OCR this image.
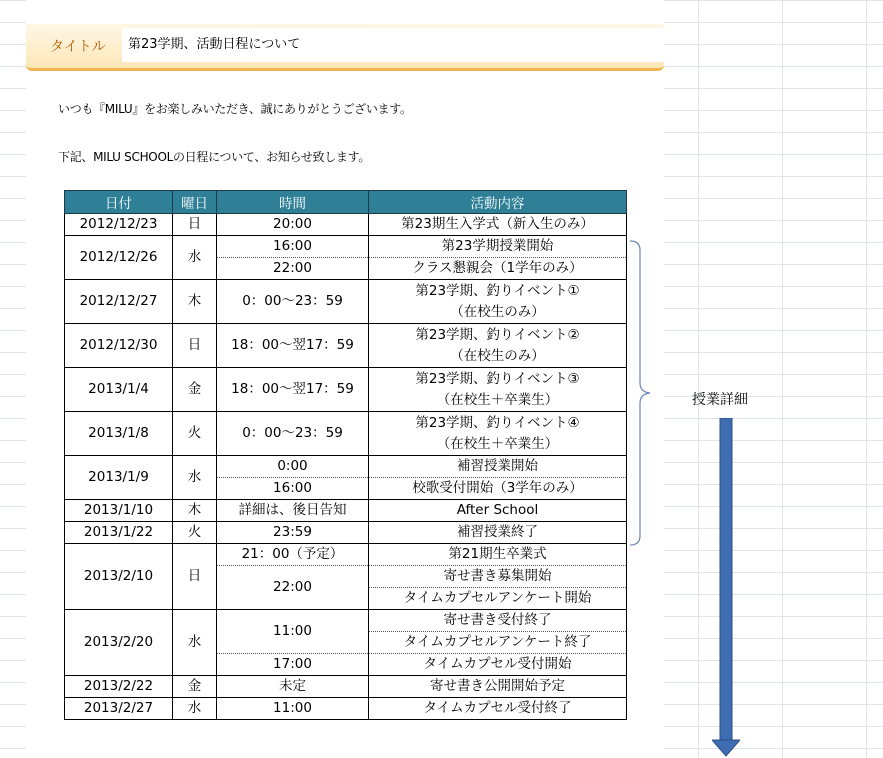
第23学期、活動日程について
タイトル
いつも『MILU』をお楽しみいただき、誠にありがとうございます。
下記、MILU SCHOOLの日程について、お知らせ致します。
日付	曜日	時間	活動内容
2012/12/23	日	20:00	第23期生入学式（新入生のみ）
2012/12/26	水	16:00	第23学期授業開始
		22:00	クラス懇親会（1学年のみ）
2012/12/27	木	0：00～23：59	第23学期、釣りイベント①
（在校生のみ）

2012/12/30	日	18：00～翌17：59	第23学期、釣りイベント②
（在校生のみ）

2013/1/4	金	18：00～翌17：59	第23学期、釣りイベント③
（在校生＋卒業生）

2013/1/8	火	0：00～23：59	第23学期、釣りイベント④
（在校生＋卒業生）

2013/1/9	水	0:00	補習授業開始
		16:00	校歌受付開始（3学年のみ）
2013/1/10	木	詳細は、後日告知	After School
2013/1/22	火	23:59	補習授業終了
2013/2/10	日	21：00（予定）	第21期生卒業式
		22:00	寄せ書き募集開始
			タイムカプセルアンケート開始
2013/2/20	水	11:00	寄せ書き受付終了
			タイムカプセルアンケート終了
		17:00	タイムカプセル受付開始
2013/2/22	金	未定	寄せ書き公開開始予定
2013/2/27	水	11:00	タイムカプセル受付終了
授業詳細
